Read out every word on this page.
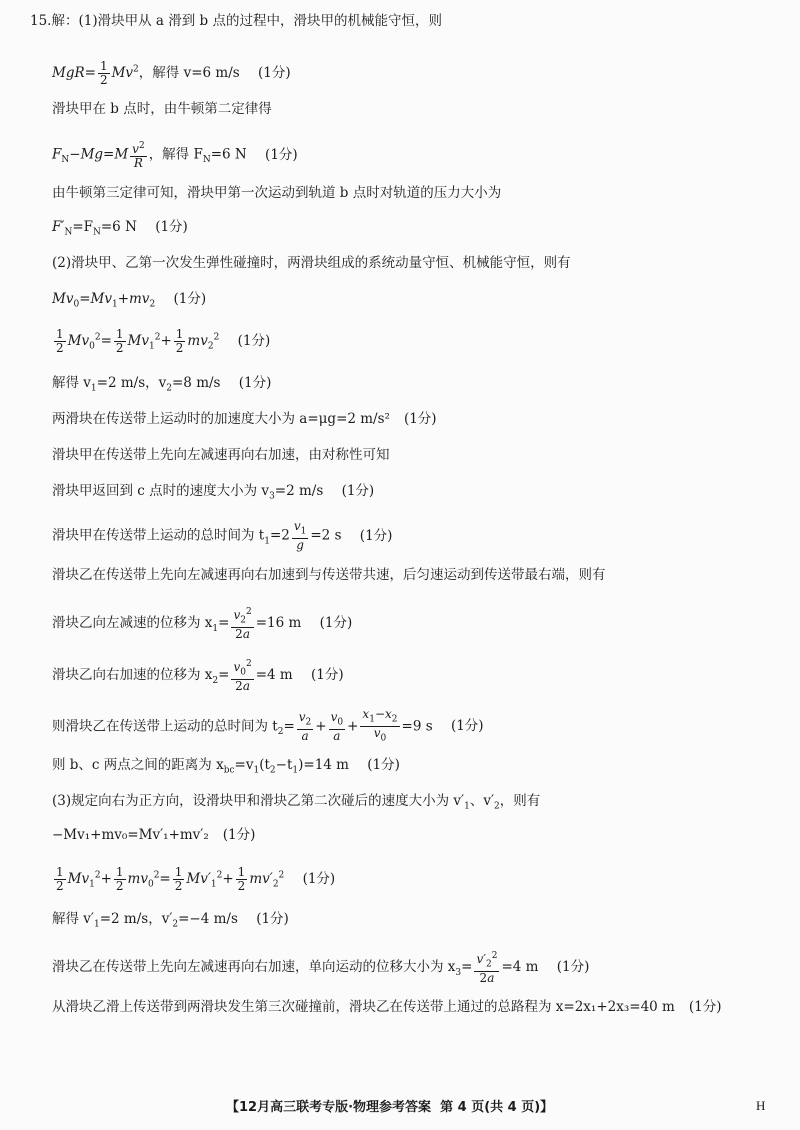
15.解：(1)滑块甲从 a 滑到 b 点的过程中，滑块甲的机械能守恒，则
$MgR= \frac{1}{2} Mv^2$，解得 v=6 m/s (1分)
滑块甲在 b 点时，由牛顿第二定律得
$F_N-Mg=M \frac{v^2}{R}$ ，解得 $F_N=6$ N (1分)
由牛顿第三定律可知，滑块甲第一次运动到轨道 b 点时对轨道的压力大小为
$F'_N=F_N=6$ N (1分)
(2)滑块甲、乙第一次发生弹性碰撞时，两滑块组成的系统动量守恒、机械能守恒，则有
$Mv_0=Mv_1+mv_2$ (1分)
$\frac{1}{2} Mv_0^2= \frac{1}{2} Mv_1^2+ \frac{1}{2} mv_2^2$ (1分)
解得 $v_1=2$ m/s，$v_2=8$ m/s (1分)
两滑块在传送带上运动时的加速度大小为 a=μg=2 m/s² (1分)
滑块甲在传送带上先向左减速再向右加速，由对称性可知
滑块甲返回到 c 点时的速度大小为 $v_3=2$ m/s (1分)
滑块甲在传送带上运动的总时间为 $t_1=2 \frac{v_1}{g} =2$ s (1分)
滑块乙在传送带上先向左减速再向右加速到与传送带共速，后匀速运动到传送带最右端，则有
滑块乙向左减速的位移为 $x_1= \frac{v_2^2}{2a} =16$ m (1分)
滑块乙向右加速的位移为 $x_2= \frac{v_0^2}{2a} =4$ m (1分)
则滑块乙在传送带上运动的总时间为 $t_2= \frac{v_2}{a} + \frac{v_0}{a} + \frac{x_1-x_2}{v_0} =9$ s (1分)
则 b、c 两点之间的距离为 $x_{bc}=v_1(t_2-t_1)=14$ m (1分)
(3)规定向右为正方向，设滑块甲和滑块乙第二次碰后的速度大小为 $v'_1$、$v'_2$，则有
−Mv₁+mv₀=Mv′₁+mv′₂ (1分)
$\frac{1}{2} Mv_1^2+ \frac{1}{2} mv_0^2= \frac{1}{2} Mv'_1^2+ \frac{1}{2} mv'_2^2$ (1分)
解得 $v'_1=2$ m/s，$v'_2=-4$ m/s (1分)
滑块乙在传送带上先向左减速再向右加速，单向运动的位移大小为 $x_3= \frac{v'_2^2}{2a} =4$ m (1分)
从滑块乙滑上传送带到两滑块发生第三次碰撞前，滑块乙在传送带上通过的总路程为 x=2x₁+2x₃=40 m (1分)
【12月高三联考专版·物理参考答案 第 4 页(共 4 页)】	H
